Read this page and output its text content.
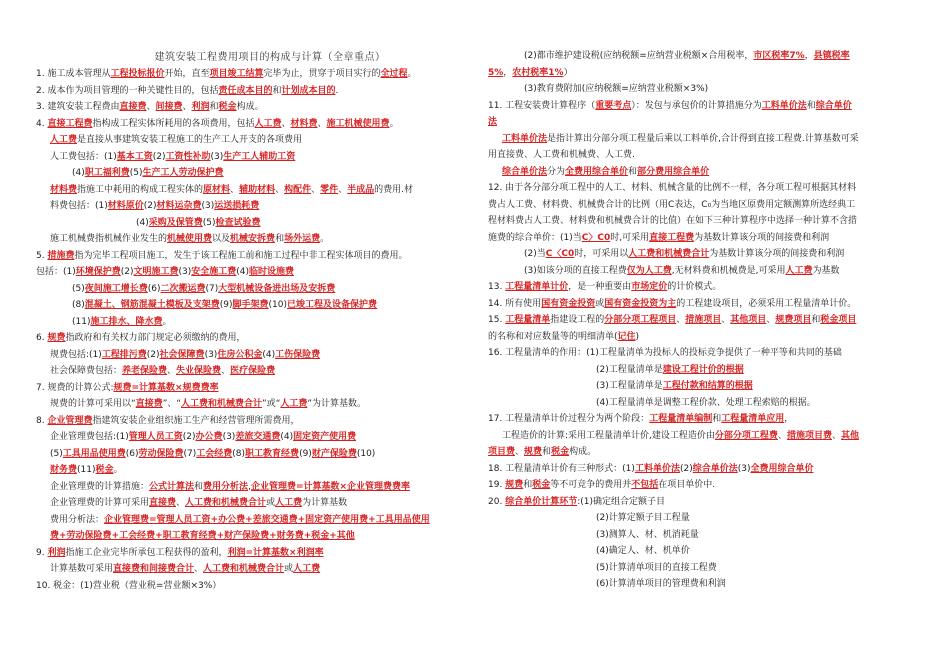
建筑安装工程费用项目的构成与计算（全章重点）
1. 施工成本管理从工程投标报价开始，直至项目竣工结算完毕为止，贯穿于项目实行的全过程。
2. 成本作为项目管理的一种关键性目的，包括责任成本目的和计划成本目的.
3. 建筑安装工程费由直接费、间接费、利润和税金构成。
4. 直接工程费指构成工程实体所耗用的各项费用，包括人工费、材料费、施工机械使用费。
人工费是直接从事建筑安装工程施工的生产工人开支的各项费用
人工费包括：(1)基本工资(2)工资性补助(3)生产工人辅助工资
(4)职工福利费(5)生产工人劳动保护费
材料费指施工中耗用的构成工程实体的原材料、辅助材料、构配件、零件、半成品的费用.材
料费包括：(1)材料原价(2)材料运杂费(3)运送损耗费
(4)采购及保管费(5)检查试验费
施工机械费指机械作业发生的机械使用费以及机械安拆费和场外运费。
5. 措施费指为完毕工程项目施工，发生于该工程施工前和施工过程中非工程实体项目的费用。
包括：(1)环境保护费(2)文明施工费(3)安全施工费(4)临时设施费
(5)夜间施工增长费(6)二次搬运费(7)大型机械设备进出场及安拆费
(8)混凝土、钢筋混凝土模板及支架费(9)脚手架费(10)已竣工程及设备保护费
(11)施工排水、降水费。
6. 规费指政府和有关权力部门规定必须缴纳的费用，
规费包括:(1)工程排污费(2)社会保障费(3)住房公积金(4)工伤保险费
社会保障费包括：养老保险费、失业保险费、医疗保险费
7. 规费的计算公式:规费=计算基数×规费费率
规费的计算可采用以“直接费”、“人工费和机械费合计”或“人工费”为计算基数。
8. 企业管理费指建筑安装企业组织施工生产和经营管理所需费用，
企业管理费包括:(1)管理人员工资(2)办公费(3)差旅交通费(4)固定资产使用费
(5)工具用品使用费(6)劳动保险费(7)工会经费(8)职工教育经费(9)财产保险费(10)
财务费(11)税金。
企业管理费的计算措施：公式计算法和费用分析法,企业管理费=计算基数×企业管理费费率
企业管理费的计算可采用直接费、人工费和机械费合计或人工费为计算基数
费用分析法：企业管理费=管理人员工资+办公费+差旅交通费+固定资产使用费+工具用品使用
费+劳动保险费+工会经费+职工教育经费+财产保险费+财务费+税金+其他
9. 利润指施工企业完毕所承包工程获得的盈利，利润=计算基数×利润率
计算基数可采用直接费和间接费合计、人工费和机械费合计或人工费
10. 税金：(1)营业税（营业税=营业额×3%）
(2)都市维护建设税(应纳税额=应纳营业税额×合用税率，市区税率7%，县镇税率
5%，农村税率1%）
(3)教育费附加(应纳税额=应纳营业税额×3%)
11. 工程安装费计算程序（重要考点）：发包与承包价的计算措施分为工料单价法和综合单价
法
工料单价法是指计算出分部分项工程量后乘以工料单价,合计得到直接工程费.计算基数可采
用直接费、人工费和机械费、人工费.
综合单价法分为全费用综合单价和部分费用综合单价
12. 由于各分部分项工程中的人工、材料、机械含量的比例不一样，各分项工程可根据其材料
费占人工费、材料费、机械费合计的比例（用C表达，C₀为当地区原费用定额测算所选经典工
程材料费占人工费、材料费和机械费合计的比值）在如下三种计算程序中选择一种计算不含措
施费的综合单价：(1)当C〉C0时,可采用直接工程费为基数计算该分项的间接费和利润
(2)当C〈C0时，可采用以人工费和机械费合计为基数计算该分项的间接费和利润
(3)如该分项的直接工程费仅为人工费,无材料费和机械费是,可采用人工费为基数
13. 工程量清单计价，是一种重要由市场定价的计价模式。
14. 所有使用国有资金投资或国有资金投资为主的工程建设项目，必须采用工程量清单计价。
15. 工程量清单指建设工程的分部分项工程项目、措施项目、其他项目、规费项目和税金项目
的名称和对应数量等的明细清单(记住)
16. 工程量清单的作用：(1)工程量清单为投标人的投标竞争提供了一种平等和共同的基础
(2)工程量清单是建设工程计价的根据
(3)工程量清单是工程付款和结算的根据
(4)工程量清单是调整工程价款、处理工程索赔的根据。
17. 工程量清单计价过程分为两个阶段：工程量清单编制和工程量清单应用，
工程造价的计算:采用工程量清单计价,建设工程造价由分部分项工程费、措施项目费、其他
项目费、规费和税金构成。
18. 工程量清单计价有三种形式：(1)工料单价法(2)综合单价法(3)全费用综合单价
19. 规费和税金等不可竞争的费用并不包括在项目单价中.
20. 综合单价计算环节:(1)确定组合定额子目
(2)计算定额子目工程量
(3)测算人、材、机消耗量
(4)确定人、材、机单价
(5)计算清单项目的直接工程费
(6)计算清单项目的管理费和利润
